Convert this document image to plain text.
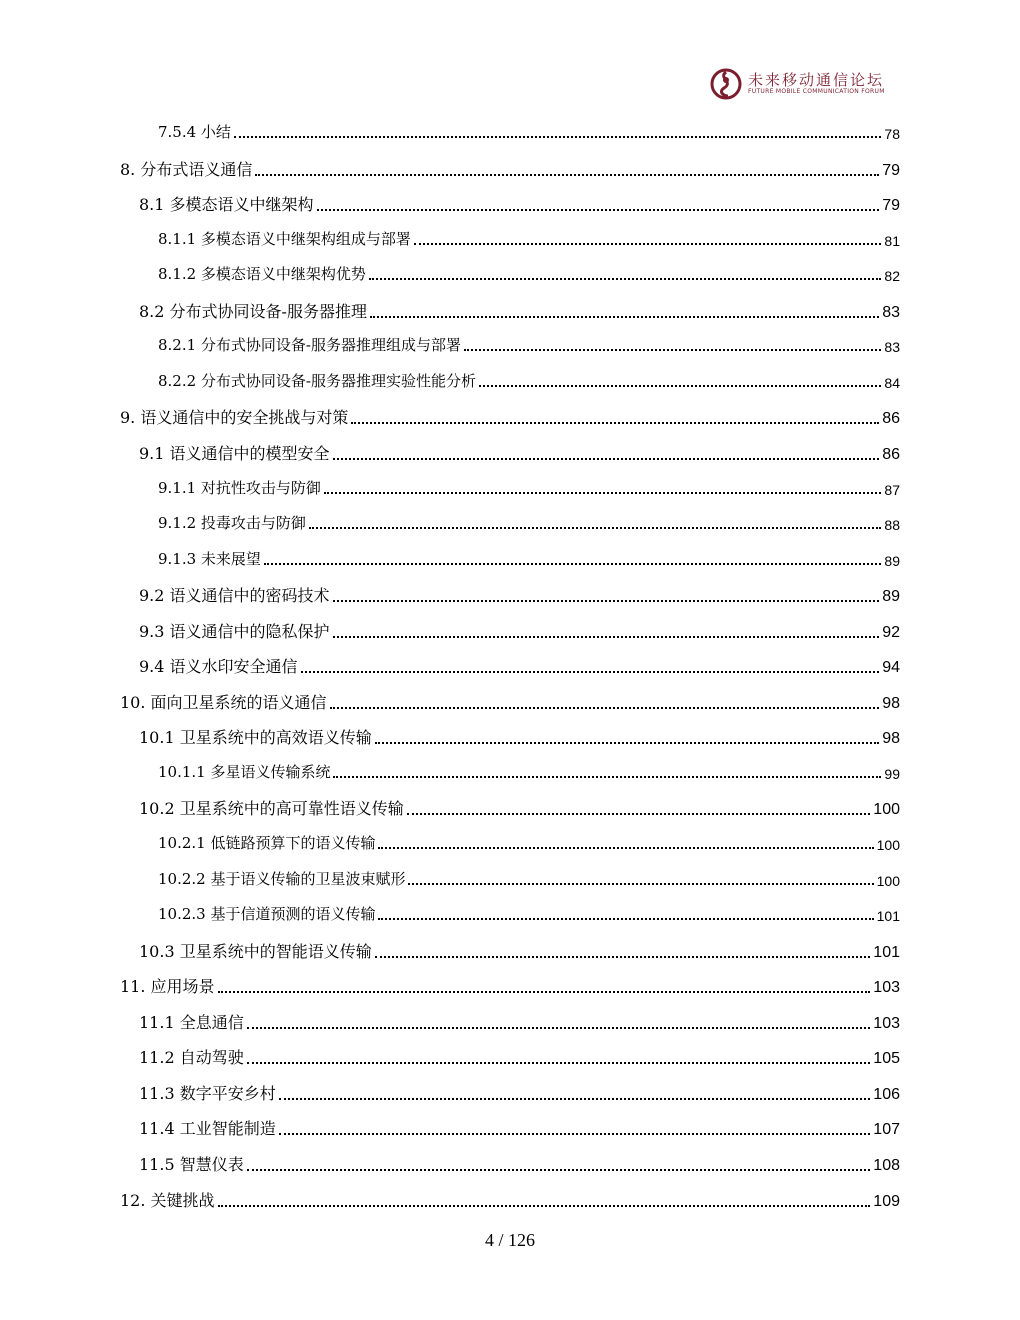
未来移动通信论坛
FUTURE MOBILE COMMUNICATION FORUM
7.5.4 小结	78
8. 分布式语义通信	79
8.1 多模态语义中继架构	79
8.1.1 多模态语义中继架构组成与部署	81
8.1.2 多模态语义中继架构优势	82
8.2 分布式协同设备-服务器推理	83
8.2.1 分布式协同设备-服务器推理组成与部署	83
8.2.2 分布式协同设备-服务器推理实验性能分析	84
9. 语义通信中的安全挑战与对策	86
9.1 语义通信中的模型安全	86
9.1.1 对抗性攻击与防御	87
9.1.2 投毒攻击与防御	88
9.1.3 未来展望	89
9.2 语义通信中的密码技术	89
9.3 语义通信中的隐私保护	92
9.4 语义水印安全通信	94
10. 面向卫星系统的语义通信	98
10.1 卫星系统中的高效语义传输	98
10.1.1 多星语义传输系统	99
10.2 卫星系统中的高可靠性语义传输	100
10.2.1 低链路预算下的语义传输	100
10.2.2 基于语义传输的卫星波束赋形	100
10.2.3 基于信道预测的语义传输	101
10.3 卫星系统中的智能语义传输	101
11. 应用场景	103
11.1 全息通信	103
11.2 自动驾驶	105
11.3 数字平安乡村	106
11.4 工业智能制造	107
11.5 智慧仪表	108
12. 关键挑战	109
4 / 126
